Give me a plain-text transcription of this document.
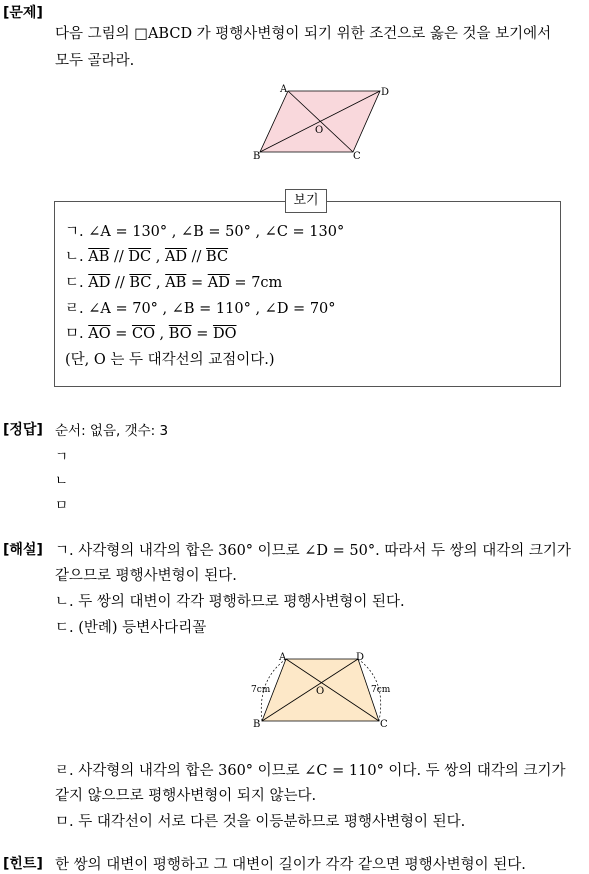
[문제]
다음 그림의 □ABCD 가 평행사변형이 되기 위한 조건으로 옳은 것을 보기에서
모두 골라라.
A	D
B	C
O
보기
ㄱ. ∠A = 130° , ∠B = 50° , ∠C = 130°
ㄴ. $\overline{AB} // \overline{DC}$ , $\overline{AD} // \overline{BC}$
ㄷ. $\overline{AD} // \overline{BC}$ , $\overline{AB} = \overline{AD} = 7cm$
ㄹ. ∠A = 70° , ∠B = 110° , ∠D = 70°
ㅁ. $\overline{AO} = \overline{CO}$ , $\overline{BO} = \overline{DO}$
(단, O 는 두 대각선의 교점이다.)
[정답] 순서: 없음, 갯수: 3
ㄱ
ㄴ
ㅁ
[해설] ㄱ. 사각형의 내각의 합은 360° 이므로 ∠D = 50°. 따라서 두 쌍의 대각의 크기가
같으므로 평행사변형이 된다.
ㄴ. 두 쌍의 대변이 각각 평행하므로 평행사변형이 된다.
ㄷ. (반례) 등변사다리꼴
A	D
B	C
O
7cm	7cm
ㄹ. 사각형의 내각의 합은 360° 이므로 ∠C = 110° 이다. 두 쌍의 대각의 크기가
같지 않으므로 평행사변형이 되지 않는다.
ㅁ. 두 대각선이 서로 다른 것을 이등분하므로 평행사변형이 된다.
[힌트] 한 쌍의 대변이 평행하고 그 대변이 길이가 각각 같으면 평행사변형이 된다.
